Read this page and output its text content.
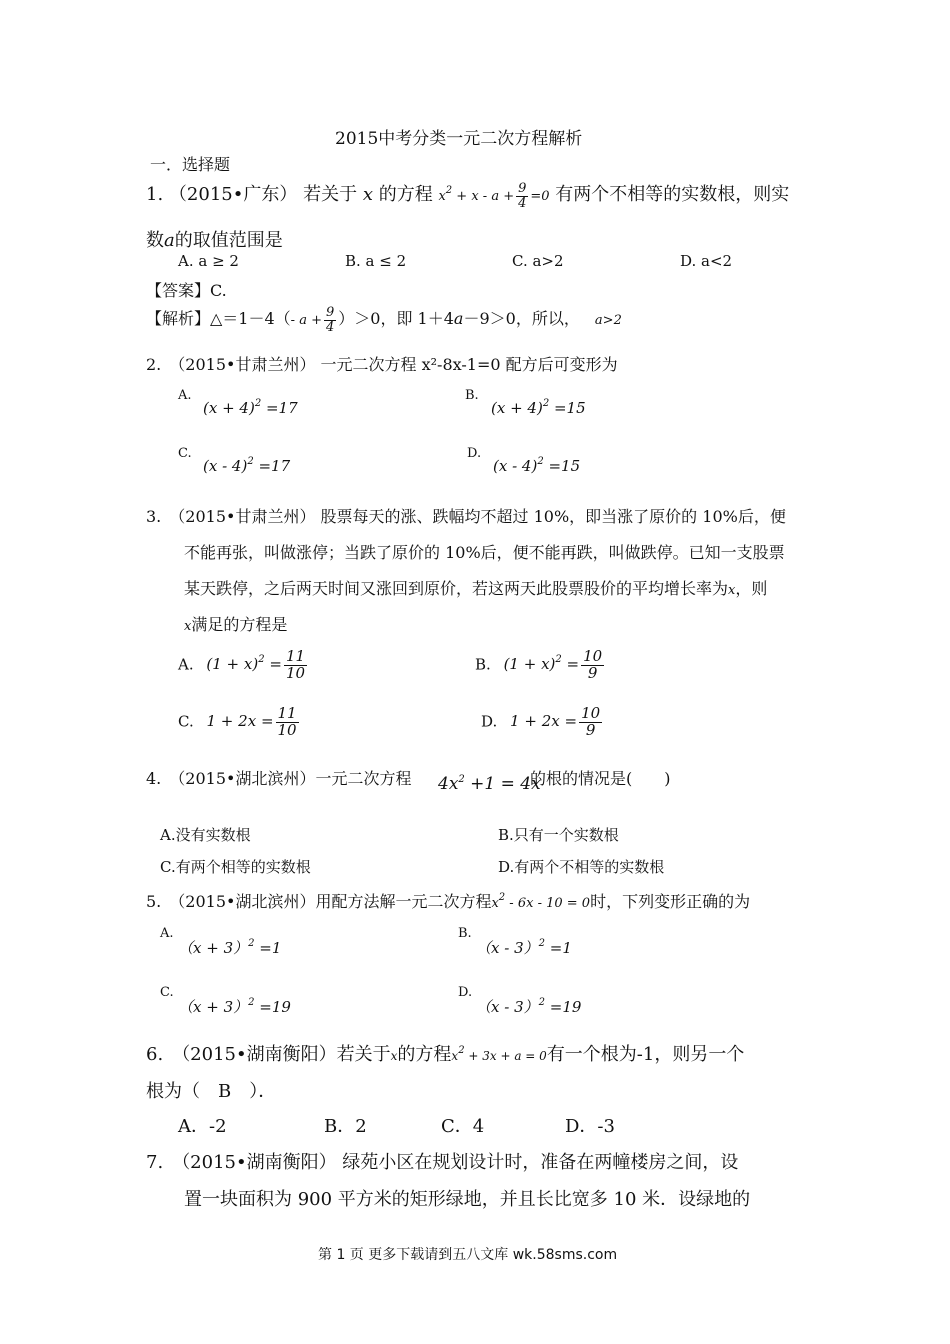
2015中考分类一元二次方程解析
一．选择题
1. （2015•广东） 若关于 x 的方程 $x^2 + x - a + \frac{9}{4} =0$ 有两个不相等的实数根，则实
数a的取值范围是
A. a ≥ 2	B. a ≤ 2	C. a>2	D. a<2
【答案】C.
【解析】△＝1－4（- $a + \frac{9}{4} )>0$，即 1＋4a－9＞0，所以， a>2
2.　 （2015•甘肃兰州） 一元二次方程 x²-8x-1=0 配方后可变形为
A.
$(x + 4)^2 =17$
B.
$(x + 4)^2 =15$
C.
(x - 4)$^2$ =17
D.
(x - 4)$^2$ =15
3.　 （2015•甘肃兰州） 股票每天的涨、跌幅均不超过 10%，即当涨了原价的 10%后，便
不能再张，叫做涨停；当跌了原价的 10%后，便不能再跌，叫做跌停。已知一支股票
某天跌停，之后两天时间又涨回到原价，若这两天此股票股价的平均增长率为x，则
x满足的方程是
A. $(1 + x)^2 = \frac{11}{10}$	B. $(1 + x)^2 = \frac{10}{9}$
C. $1 + 2x = \frac{11}{10}$	D. $1 + 2x = \frac{10}{9}$
4.　 （2015•湖北滨州）一元二次方程 $4x^2 +1 = 4x$
的根的情况是(　　)
A.没有实数根	B.只有一个实数根
C.有两个相等的实数根	D.有两个不相等的实数根
5.　 （2015•湖北滨州）用配方法解一元二次方程$x^2 - 6x - 10 = 0$时，下列变形正确的为
A.
$(x + 3)^2 =1$
B.
（x - 3）$^2$ =1
C.
$(x + 3)^2 =19$
D.
（x - 3）$^2$ =19
6.　 （2015•湖南衡阳）若关于x的方程$x^2 + 3x + a = 0$有一个根为-1，则另一个
根为（　B　）．
A．-2	B．2	C．4	D．-3
7.　 （2015•湖南衡阳） 绿苑小区在规划设计时，准备在两幢楼房之间，设
置一块面积为 900 平方米的矩形绿地，并且长比宽多 10 米．设绿地的
第 1 页 更多下载请到五八文库 wk.58sms.com
